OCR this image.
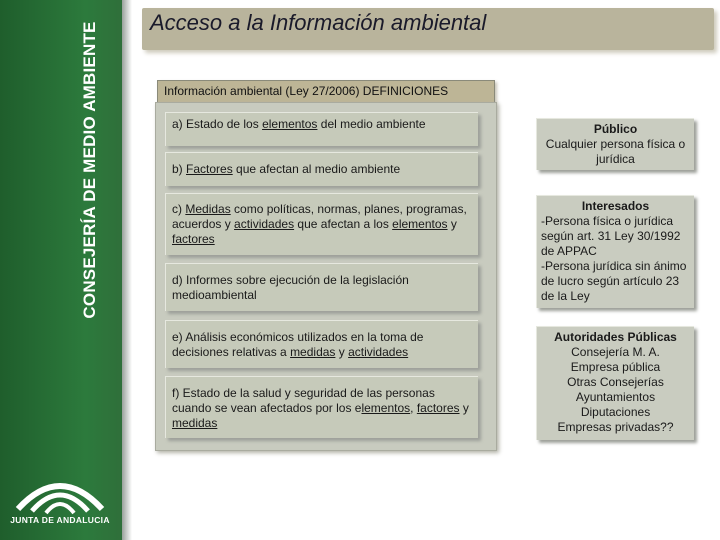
CONSEJERÍA DE MEDIO AMBIENTE
JUNTA DE ANDALUCIA
Acceso a la Información ambiental
Información ambiental (Ley 27/2006) DEFINICIONES
a) Estado de los elementos del medio ambiente
b) Factores que afectan al medio ambiente
c) Medidas como políticas, normas, planes, programas, acuerdos y actividades que afectan a los elementos y factores
d) Informes sobre ejecución de la legislación medioambiental
e) Análisis económicos utilizados en la toma de decisiones relativas a medidas y actividades
f) Estado de la salud y seguridad de las personas cuando se vean afectados por los elementos, factores y medidas
Público
Cualquier persona física o jurídica
Interesados
-Persona física o jurídica según art. 31 Ley 30/1992 de APPAC
-Persona jurídica sin ánimo de lucro según artículo 23 de la Ley
Autoridades Públicas
Consejería M. A.
Empresa pública
Otras Consejerías
Ayuntamientos
Diputaciones
Empresas privadas??
